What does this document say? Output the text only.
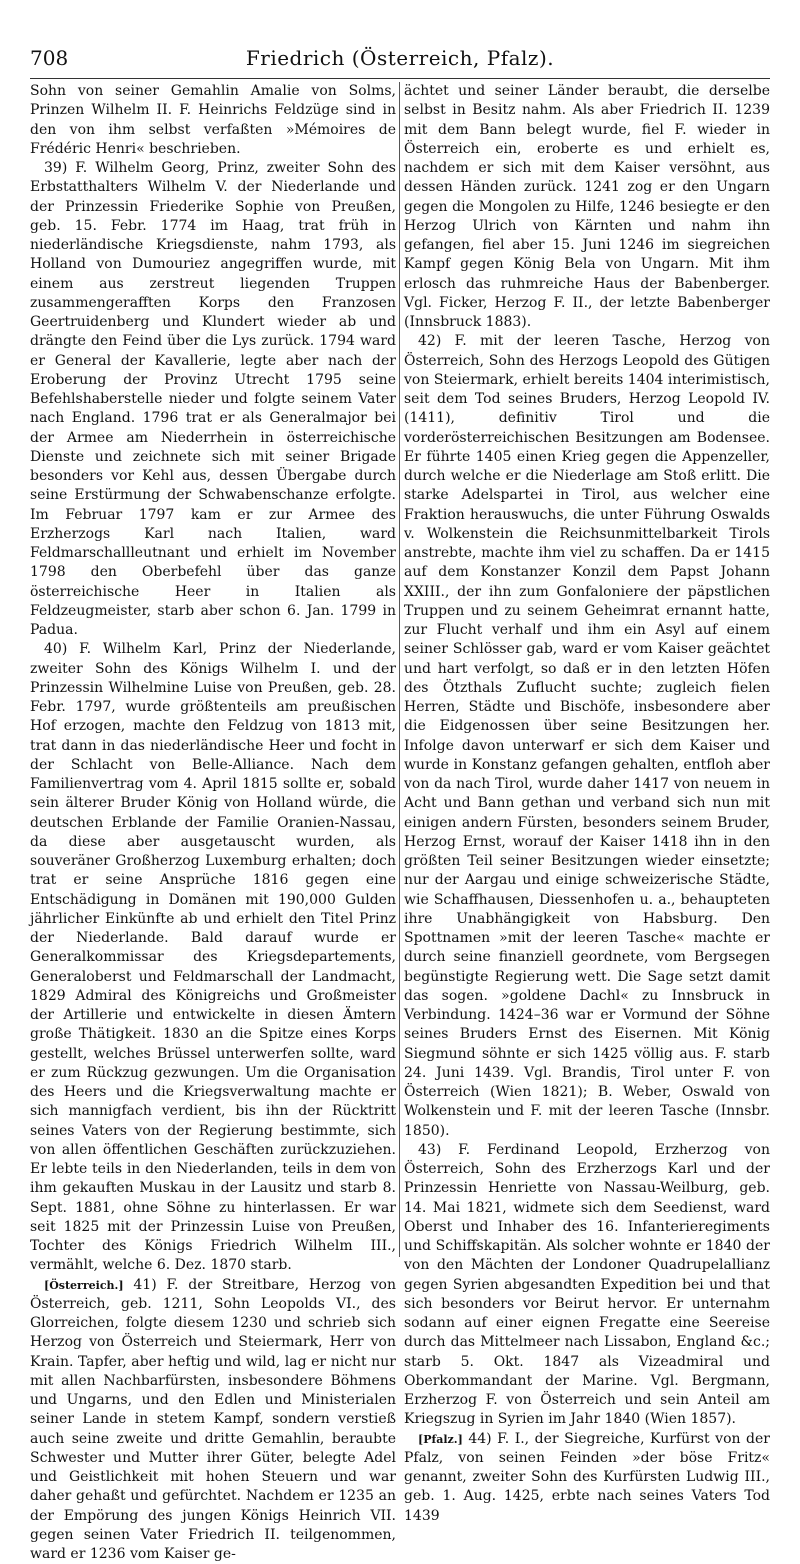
708	Friedrich (Österreich, Pfalz).

Sohn von seiner Gemahlin Amalie von Solms, Prinzen Wilhelm II. F. Heinrichs Feldzüge sind in den von ihm selbst verfaßten »Mémoires de Frédéric Henri« beschrieben.

39) F. Wilhelm Georg, Prinz, zweiter Sohn des Erbstatthalters Wilhelm V. der Niederlande und der Prinzessin Friederike Sophie von Preußen, geb. 15. Febr. 1774 im Haag, trat früh in niederländische Kriegsdienste, nahm 1793, als Holland von Dumouriez angegriffen wurde, mit einem aus zerstreut liegenden Truppen zusammengerafften Korps den Franzosen Geertruidenberg und Klundert wieder ab und drängte den Feind über die Lys zurück. 1794 ward er General der Kavallerie, legte aber nach der Eroberung der Provinz Utrecht 1795 seine Befehlshaberstelle nieder und folgte seinem Vater nach England. 1796 trat er als Generalmajor bei der Armee am Niederrhein in österreichische Dienste und zeichnete sich mit seiner Brigade besonders vor Kehl aus, dessen Übergabe durch seine Erstürmung der Schwabenschanze erfolgte. Im Februar 1797 kam er zur Armee des Erzherzogs Karl nach Italien, ward Feldmarschallleutnant und erhielt im November 1798 den Oberbefehl über das ganze österreichische Heer in Italien als Feldzeugmeister, starb aber schon 6. Jan. 1799 in Padua.

40) F. Wilhelm Karl, Prinz der Niederlande, zweiter Sohn des Königs Wilhelm I. und der Prinzessin Wilhelmine Luise von Preußen, geb. 28. Febr. 1797, wurde größtenteils am preußischen Hof erzogen, machte den Feldzug von 1813 mit, trat dann in das niederländische Heer und focht in der Schlacht von Belle-Alliance. Nach dem Familienvertrag vom 4. April 1815 sollte er, sobald sein älterer Bruder König von Holland würde, die deutschen Erblande der Familie Oranien-Nassau, da diese aber ausgetauscht wurden, als souveräner Großherzog Luxemburg erhalten; doch trat er seine Ansprüche 1816 gegen eine Entschädigung in Domänen mit 190,000 Gulden jährlicher Einkünfte ab und erhielt den Titel Prinz der Niederlande. Bald darauf wurde er Generalkommissar des Kriegsdepartements, Generaloberst und Feldmarschall der Landmacht, 1829 Admiral des Königreichs und Großmeister der Artillerie und entwickelte in diesen Ämtern große Thätigkeit. 1830 an die Spitze eines Korps gestellt, welches Brüssel unterwerfen sollte, ward er zum Rückzug gezwungen. Um die Organisation des Heers und die Kriegsverwaltung machte er sich mannigfach verdient, bis ihn der Rücktritt seines Vaters von der Regierung bestimmte, sich von allen öffentlichen Geschäften zurückzuziehen. Er lebte teils in den Niederlanden, teils in dem von ihm gekauften Muskau in der Lausitz und starb 8. Sept. 1881, ohne Söhne zu hinterlassen. Er war seit 1825 mit der Prinzessin Luise von Preußen, Tochter des Königs Friedrich Wilhelm III., vermählt, welche 6. Dez. 1870 starb.

[Österreich.] 41) F. der Streitbare, Herzog von Österreich, geb. 1211, Sohn Leopolds VI., des Glorreichen, folgte diesem 1230 und schrieb sich Herzog von Österreich und Steiermark, Herr von Krain. Tapfer, aber heftig und wild, lag er nicht nur mit allen Nachbarfürsten, insbesondere Böhmens und Ungarns, und den Edlen und Ministerialen seiner Lande in stetem Kampf, sondern verstieß auch seine zweite und dritte Gemahlin, beraubte Schwester und Mutter ihrer Güter, belegte Adel und Geistlichkeit mit hohen Steuern und war daher gehaßt und gefürchtet. Nachdem er 1235 an der Empörung des jungen Königs Heinrich VII. gegen seinen Vater Friedrich II. teilgenommen, ward er 1236 vom Kaiser ge-

ächtet und seiner Länder beraubt, die derselbe selbst in Besitz nahm. Als aber Friedrich II. 1239 mit dem Bann belegt wurde, fiel F. wieder in Österreich ein, eroberte es und erhielt es, nachdem er sich mit dem Kaiser versöhnt, aus dessen Händen zurück. 1241 zog er den Ungarn gegen die Mongolen zu Hilfe, 1246 besiegte er den Herzog Ulrich von Kärnten und nahm ihn gefangen, fiel aber 15. Juni 1246 im siegreichen Kampf gegen König Bela von Ungarn. Mit ihm erlosch das ruhmreiche Haus der Babenberger. Vgl. Ficker, Herzog F. II., der letzte Babenberger (Innsbruck 1883).

42) F. mit der leeren Tasche, Herzog von Österreich, Sohn des Herzogs Leopold des Gütigen von Steiermark, erhielt bereits 1404 interimistisch, seit dem Tod seines Bruders, Herzog Leopold IV. (1411), definitiv Tirol und die vorderösterreichischen Besitzungen am Bodensee. Er führte 1405 einen Krieg gegen die Appenzeller, durch welche er die Niederlage am Stoß erlitt. Die starke Adelspartei in Tirol, aus welcher eine Fraktion herauswuchs, die unter Führung Oswalds v. Wolkenstein die Reichsunmittelbarkeit Tirols anstrebte, machte ihm viel zu schaffen. Da er 1415 auf dem Konstanzer Konzil dem Papst Johann XXIII., der ihn zum Gonfaloniere der päpstlichen Truppen und zu seinem Geheimrat ernannt hatte, zur Flucht verhalf und ihm ein Asyl auf einem seiner Schlösser gab, ward er vom Kaiser geächtet und hart verfolgt, so daß er in den letzten Höfen des Ötzthals Zuflucht suchte; zugleich fielen Herren, Städte und Bischöfe, insbesondere aber die Eidgenossen über seine Besitzungen her. Infolge davon unterwarf er sich dem Kaiser und wurde in Konstanz gefangen gehalten, entfloh aber von da nach Tirol, wurde daher 1417 von neuem in Acht und Bann gethan und verband sich nun mit einigen andern Fürsten, besonders seinem Bruder, Herzog Ernst, worauf der Kaiser 1418 ihn in den größten Teil seiner Besitzungen wieder einsetzte; nur der Aargau und einige schweizerische Städte, wie Schaffhausen, Diessenhofen u. a., behaupteten ihre Unabhängigkeit von Habsburg. Den Spottnamen »mit der leeren Tasche« machte er durch seine finanziell geordnete, vom Bergsegen begünstigte Regierung wett. Die Sage setzt damit das sogen. »goldene Dachl« zu Innsbruck in Verbindung. 1424–36 war er Vormund der Söhne seines Bruders Ernst des Eisernen. Mit König Siegmund söhnte er sich 1425 völlig aus. F. starb 24. Juni 1439. Vgl. Brandis, Tirol unter F. von Österreich (Wien 1821); B. Weber, Oswald von Wolkenstein und F. mit der leeren Tasche (Innsbr. 1850).

43) F. Ferdinand Leopold, Erzherzog von Österreich, Sohn des Erzherzogs Karl und der Prinzessin Henriette von Nassau-Weilburg, geb. 14. Mai 1821, widmete sich dem Seedienst, ward Oberst und Inhaber des 16. Infanterieregiments und Schiffskapitän. Als solcher wohnte er 1840 der von den Mächten der Londoner Quadrupelallianz gegen Syrien abgesandten Expedition bei und that sich besonders vor Beirut hervor. Er unternahm sodann auf einer eignen Fregatte eine Seereise durch das Mittelmeer nach Lissabon, England &c.; starb 5. Okt. 1847 als Vizeadmiral und Oberkommandant der Marine. Vgl. Bergmann, Erzherzog F. von Österreich und sein Anteil am Kriegszug in Syrien im Jahr 1840 (Wien 1857).

[Pfalz.] 44) F. I., der Siegreiche, Kurfürst von der Pfalz, von seinen Feinden »der böse Fritz« genannt, zweiter Sohn des Kurfürsten Ludwig III., geb. 1. Aug. 1425, erbte nach seines Vaters Tod 1439
